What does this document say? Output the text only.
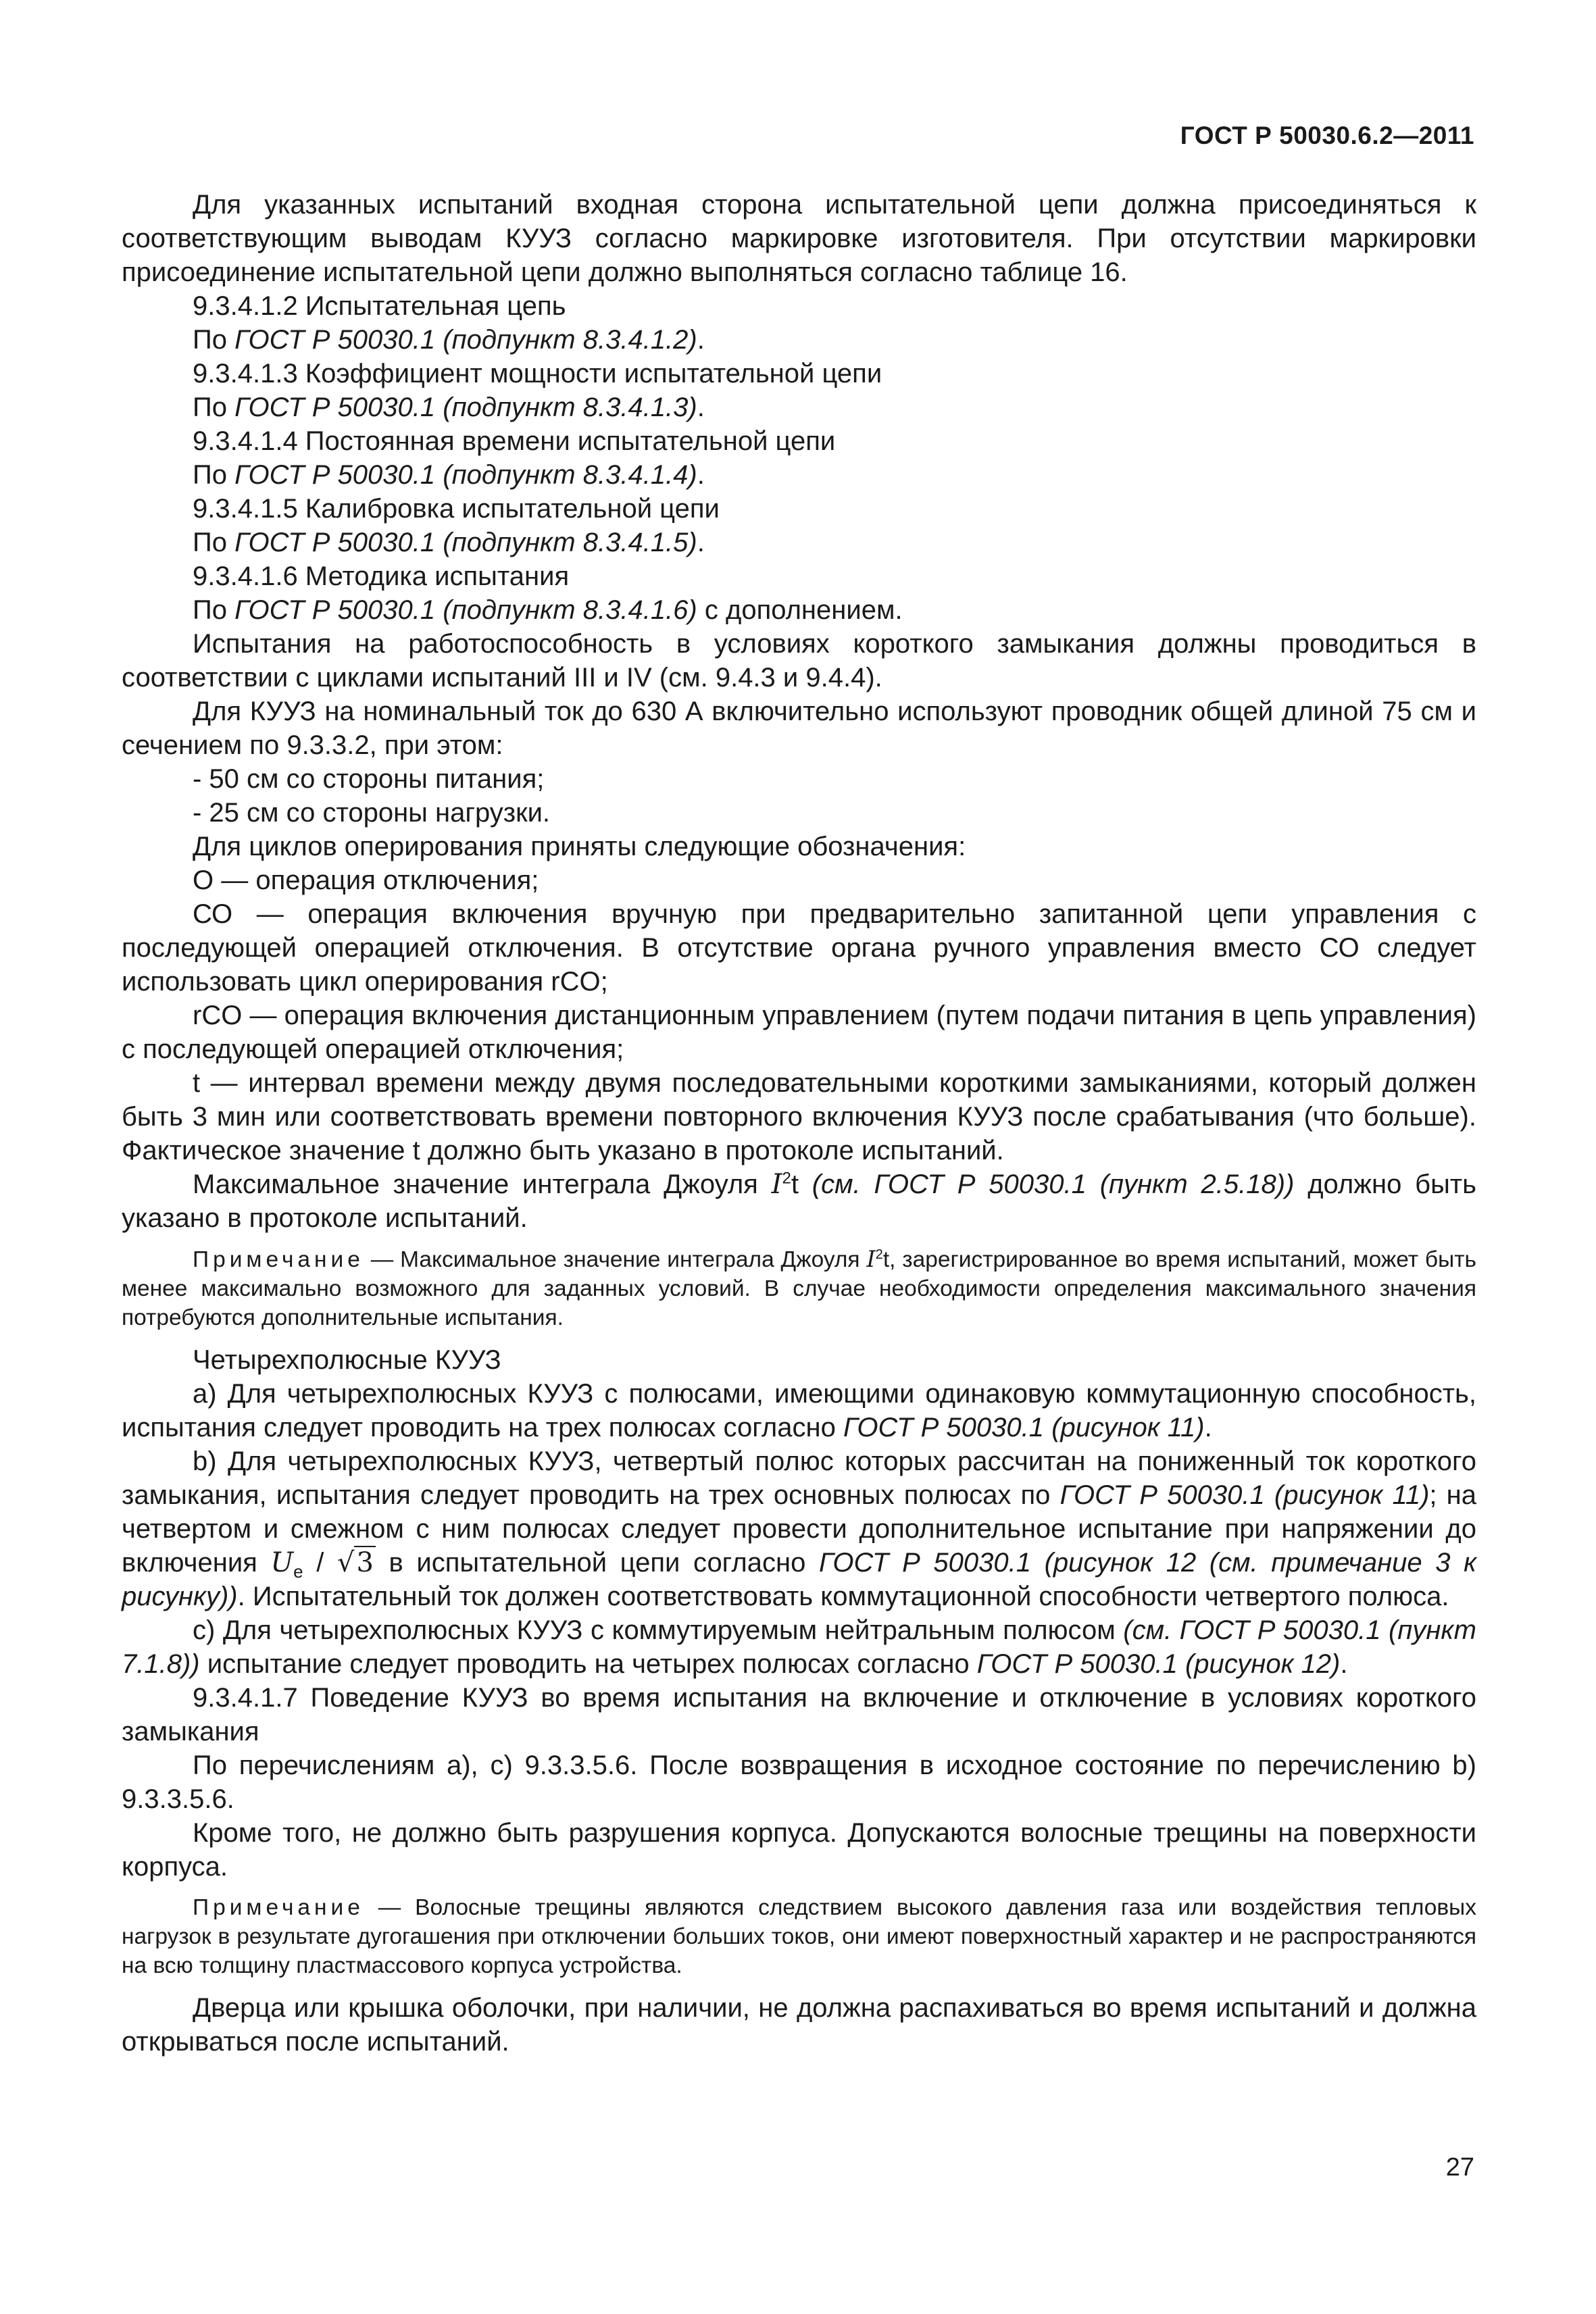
ГОСТ Р 50030.6.2—2011

Для указанных испытаний входная сторона испытательной цепи должна присоединяться к соответствующим выводам КУУЗ согласно маркировке изготовителя. При отсутствии маркировки присоединение испытательной цепи должно выполняться согласно таблице 16.

9.3.4.1.2 Испытательная цепь

По ГОСТ Р 50030.1 (подпункт 8.3.4.1.2).

9.3.4.1.3 Коэффициент мощности испытательной цепи

По ГОСТ Р 50030.1 (подпункт 8.3.4.1.3).

9.3.4.1.4 Постоянная времени испытательной цепи

По ГОСТ Р 50030.1 (подпункт 8.3.4.1.4).

9.3.4.1.5 Калибровка испытательной цепи

По ГОСТ Р 50030.1 (подпункт 8.3.4.1.5).

9.3.4.1.6 Методика испытания

По ГОСТ Р 50030.1 (подпункт 8.3.4.1.6) с дополнением.

Испытания на работоспособность в условиях короткого замыкания должны проводиться в соответствии с циклами испытаний III и IV (см. 9.4.3 и 9.4.4).

Для КУУЗ на номинальный ток до 630 А включительно используют проводник общей длиной 75 см и сечением по 9.3.3.2, при этом:

- 50 см со стороны питания;

- 25 см со стороны нагрузки.

Для циклов оперирования приняты следующие обозначения:

О — операция отключения;

СО — операция включения вручную при предварительно запитанной цепи управления с последующей операцией отключения. В отсутствие органа ручного управления вместо СО следует использовать цикл оперирования rCO;

rCO — операция включения дистанционным управлением (путем подачи питания в цепь управления) с последующей операцией отключения;

t — интервал времени между двумя последовательными короткими замыканиями, который должен быть 3 мин или соответствовать времени повторного включения КУУЗ после срабатывания (что больше). Фактическое значение t должно быть указано в протоколе испытаний.

Максимальное значение интеграла Джоуля $I^2t$ (см. ГОСТ Р 50030.1 (пункт 2.5.18)) должно быть указано в протоколе испытаний.

Примечание — Максимальное значение интеграла Джоуля $I^2t$, зарегистрированное во время испытаний, может быть менее максимально возможного для заданных условий. В случае необходимости определения максимального значения потребуются дополнительные испытания.

Четырехполюсные КУУЗ

а) Для четырехполюсных КУУЗ с полюсами, имеющими одинаковую коммутационную способность, испытания следует проводить на трех полюсах согласно ГОСТ Р 50030.1 (рисунок 11).

b) Для четырехполюсных КУУЗ, четвертый полюс которых рассчитан на пониженный ток короткого замыкания, испытания следует проводить на трех основных полюсах по ГОСТ Р 50030.1 (рисунок 11); на четвертом и смежном с ним полюсах следует провести дополнительное испытание при напряжении до включения $U_e / √3$ в испытательной цепи согласно ГОСТ Р 50030.1 (рисунок 12 (см. примечание 3 к рисунку)). Испытательный ток должен соответствовать коммутационной способности четвертого полюса.

с) Для четырехполюсных КУУЗ с коммутируемым нейтральным полюсом (см. ГОСТ Р 50030.1 (пункт 7.1.8)) испытание следует проводить на четырех полюсах согласно ГОСТ Р 50030.1 (рисунок 12).

9.3.4.1.7 Поведение КУУЗ во время испытания на включение и отключение в условиях короткого замыкания

По перечислениям а), с) 9.3.3.5.6. После возвращения в исходное состояние по перечислению b) 9.3.3.5.6.

Кроме того, не должно быть разрушения корпуса. Допускаются волосные трещины на поверхности корпуса.

Примечание — Волосные трещины являются следствием высокого давления газа или воздействия тепловых нагрузок в результате дугогашения при отключении больших токов, они имеют поверхностный характер и не распространяются на всю толщину пластмассового корпуса устройства.

Дверца или крышка оболочки, при наличии, не должна распахиваться во время испытаний и должна открываться после испытаний.

27
